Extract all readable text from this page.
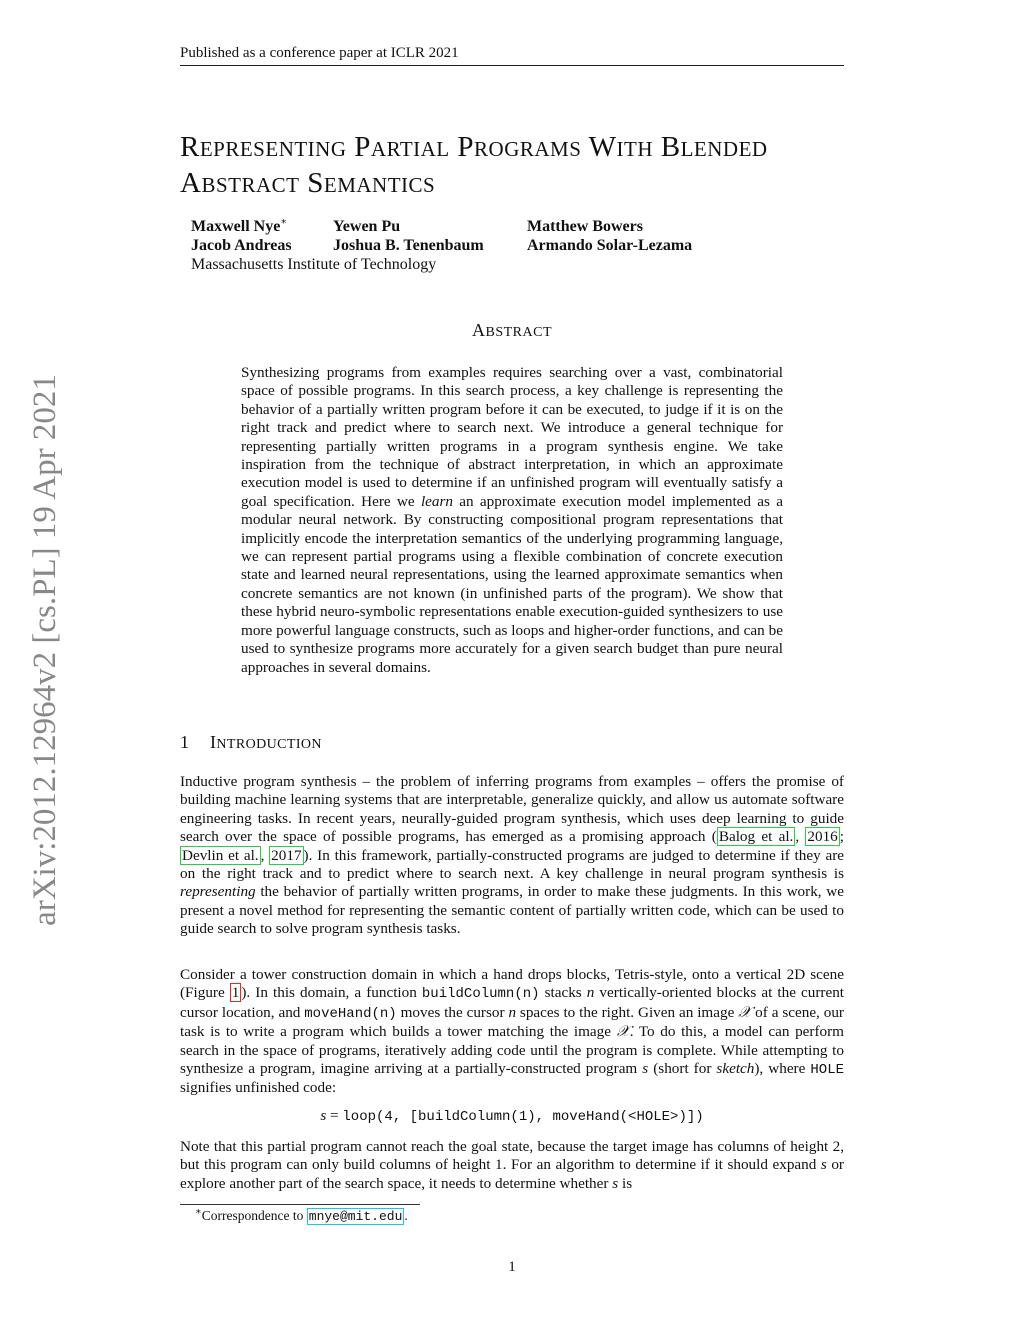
Published as a conference paper at ICLR 2021
arXiv:2012.12964v2 [cs.PL] 19 Apr 2021
REPRESENTING PARTIAL PROGRAMS WITH BLENDED
ABSTRACT SEMANTICS
Maxwell Nye∗	Yewen Pu	Matthew Bowers
Jacob Andreas	Joshua B. Tenenbaum	Armando Solar-Lezama
Massachusetts Institute of Technology
ABSTRACT
Synthesizing programs from examples requires searching over a vast, combinatorial space of possible programs. In this search process, a key challenge is representing the behavior of a partially written program before it can be executed, to judge if it is on the right track and predict where to search next. We introduce a general technique for representing partially written programs in a program synthesis engine. We take inspiration from the technique of abstract interpretation, in which an approximate execution model is used to determine if an unfinished program will eventually satisfy a goal specification. Here we learn an approximate execution model implemented as a modular neural network. By constructing compositional program representations that implicitly encode the interpretation semantics of the underlying programming language, we can represent partial programs using a flexible combination of concrete execution state and learned neural representations, using the learned approximate semantics when concrete semantics are not known (in unfinished parts of the program). We show that these hybrid neuro-symbolic representations enable execution-guided synthesizers to use more powerful language constructs, such as loops and higher-order functions, and can be used to synthesize programs more accurately for a given search budget than pure neural approaches in several domains.
1 INTRODUCTION
Inductive program synthesis – the problem of inferring programs from examples – offers the promise of building machine learning systems that are interpretable, generalize quickly, and allow us automate software engineering tasks. In recent years, neurally-guided program synthesis, which uses deep learning to guide search over the space of possible programs, has emerged as a promising approach ( Balog et al. , 2016 ; Devlin et al. , 2017 ). In this framework, partially-constructed programs are judged to determine if they are on the right track and to predict where to search next. A key challenge in neural program synthesis is representing the behavior of partially written programs, in order to make these judgments. In this work, we present a novel method for representing the semantic content of partially written code, which can be used to guide search to solve program synthesis tasks.
Consider a tower construction domain in which a hand drops blocks, Tetris-style, onto a vertical 2D scene (Figure 1 ). In this domain, a function buildColumn(n) stacks n vertically-oriented blocks at the current cursor location, and moveHand(n) moves the cursor n spaces to the right. Given an image 𝒳 of a scene, our task is to write a program which builds a tower matching the image 𝒳. To do this, a model can perform search in the space of programs, iteratively adding code until the program is complete. While attempting to synthesize a program, imagine arriving at a partially-constructed program s (short for sketch), where HOLE signifies unfinished code:
s = loop(4, [buildColumn(1), moveHand(<HOLE>)])
Note that this partial program cannot reach the goal state, because the target image has columns of height 2, but this program can only build columns of height 1. For an algorithm to determine if it should expand s or explore another part of the search space, it needs to determine whether s is
∗Correspondence to mnye@mit.edu .
1
